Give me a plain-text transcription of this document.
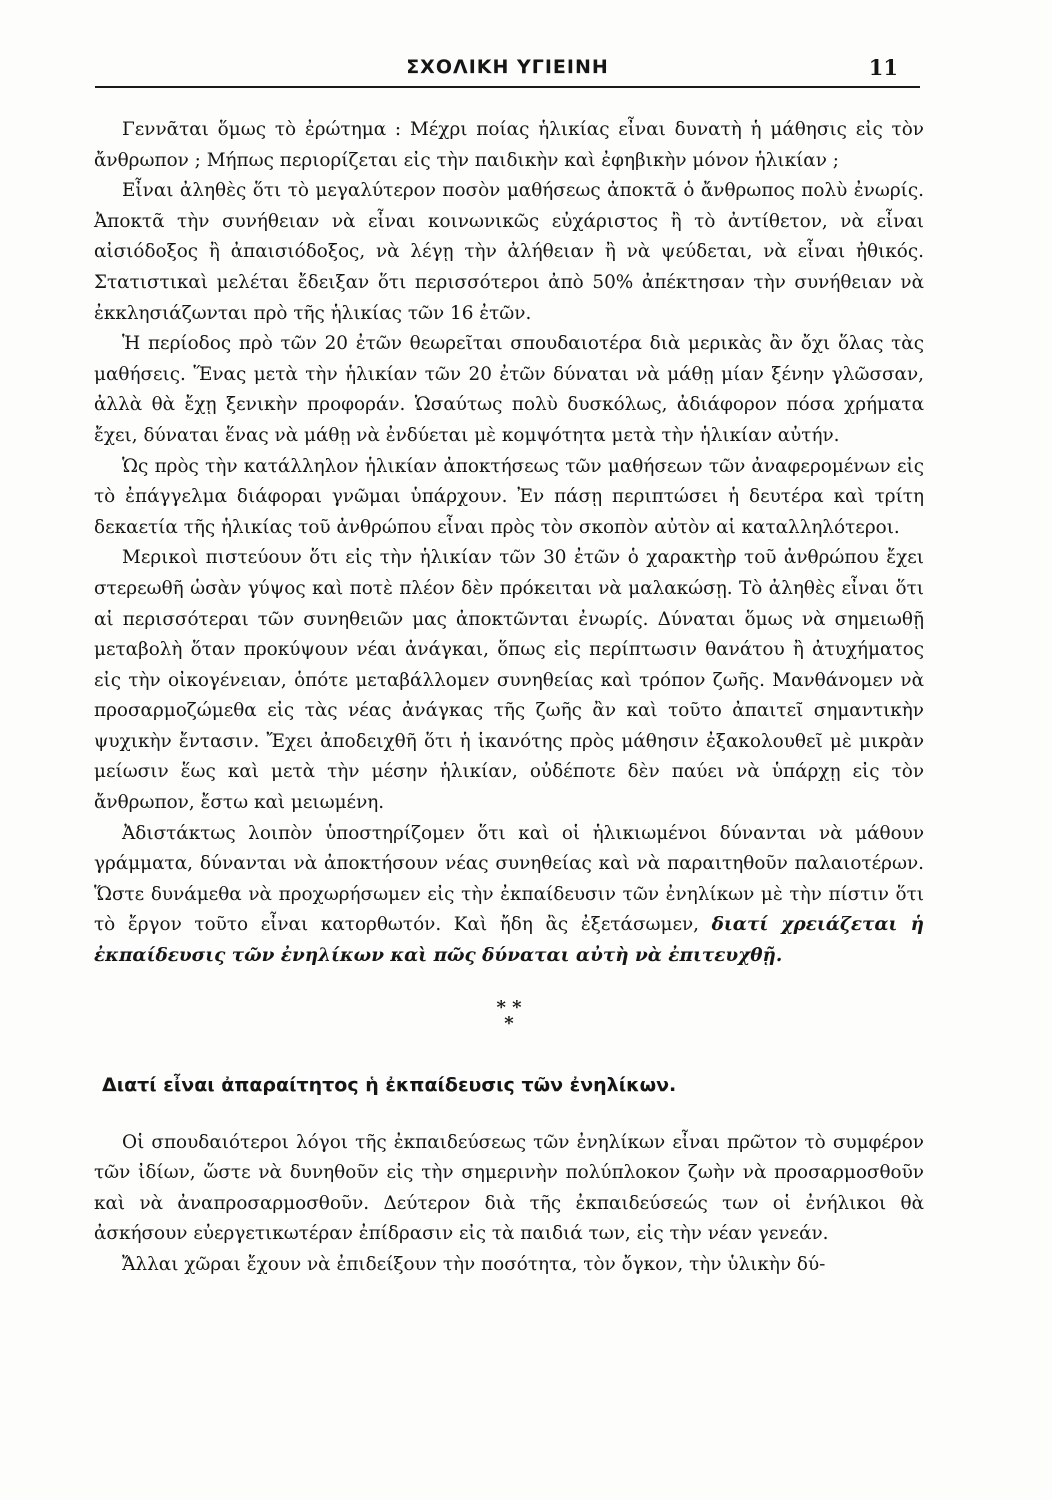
ΣΧΟΛΙΚΗ ΥΓΙΕΙΝΗ	11

Γεννᾶται ὅμως τὸ ἐρώτημα : Μέχρι ποίας ἡλικίας εἶναι δυνατὴ ἡ μάθησις εἰς τὸν ἄνθρωπον ; Μήπως περιορίζεται εἰς τὴν παιδικὴν καὶ ἐφηβικὴν μόνον ἡλικίαν ;

Εἶναι ἀληθὲς ὅτι τὸ μεγαλύτερον ποσὸν μαθήσεως ἀποκτᾶ ὁ ἄνθρωπος πολὺ ἐνωρίς. Ἀποκτᾶ τὴν συνήθειαν νὰ εἶναι κοινωνικῶς εὐχάριστος ἢ τὸ ἀντίθετον, νὰ εἶναι αἰσιόδοξος ἢ ἀπαισιόδοξος, νὰ λέγῃ τὴν ἀλήθειαν ἢ νὰ ψεύδεται, νὰ εἶναι ἠθικός. Στατιστικαὶ μελέται ἔδειξαν ὅτι περισσότεροι ἀπὸ 50% ἀπέκτησαν τὴν συνήθειαν νὰ ἐκκλησιάζωνται πρὸ τῆς ἡλικίας τῶν 16 ἐτῶν.

Ἡ περίοδος πρὸ τῶν 20 ἐτῶν θεωρεῖται σπουδαιοτέρα διὰ μερικὰς ἂν ὄχι ὅλας τὰς μαθήσεις. Ἕνας μετὰ τὴν ἡλικίαν τῶν 20 ἐτῶν δύναται νὰ μάθῃ μίαν ξένην γλῶσσαν, ἀλλὰ θὰ ἔχῃ ξενικὴν προφοράν. Ὡσαύτως πολὺ δυσκόλως, ἀδιάφορον πόσα χρήματα ἔχει, δύναται ἕνας νὰ μάθῃ νὰ ἐνδύεται μὲ κομψότητα μετὰ τὴν ἡλικίαν αὐτήν.

Ὡς πρὸς τὴν κατάλληλον ἡλικίαν ἀποκτήσεως τῶν μαθήσεων τῶν ἀναφερομένων εἰς τὸ ἐπάγγελμα διάφοραι γνῶμαι ὑπάρχουν. Ἐν πάσῃ περιπτώσει ἡ δευτέρα καὶ τρίτη δεκαετία τῆς ἡλικίας τοῦ ἀνθρώπου εἶναι πρὸς τὸν σκοπὸν αὐτὸν αἱ καταλληλότεροι.

Μερικοὶ πιστεύουν ὅτι εἰς τὴν ἡλικίαν τῶν 30 ἐτῶν ὁ χαρακτὴρ τοῦ ἀνθρώπου ἔχει στερεωθῆ ὡσὰν γύψος καὶ ποτὲ πλέον δὲν πρόκειται νὰ μαλακώσῃ. Τὸ ἀληθὲς εἶναι ὅτι αἱ περισσότεραι τῶν συνηθειῶν μας ἀποκτῶνται ἐνωρίς. Δύναται ὅμως νὰ σημειωθῇ μεταβολὴ ὅταν προκύψουν νέαι ἀνάγκαι, ὅπως εἰς περίπτωσιν θανάτου ἢ ἀτυχήματος εἰς τὴν οἰκογένειαν, ὁπότε μεταβάλλομεν συνηθείας καὶ τρόπον ζωῆς. Μανθάνομεν νὰ προσαρμοζώμεθα εἰς τὰς νέας ἀνάγκας τῆς ζωῆς ἂν καὶ τοῦτο ἀπαιτεῖ σημαντικὴν ψυχικὴν ἔντασιν. Ἔχει ἀποδειχθῆ ὅτι ἡ ἱκανότης πρὸς μάθησιν ἐξακολουθεῖ μὲ μικρὰν μείωσιν ἕως καὶ μετὰ τὴν μέσην ἡλικίαν, οὐδέποτε δὲν παύει νὰ ὑπάρχῃ εἰς τὸν ἄνθρωπον, ἔστω καὶ μειωμένη.

Ἀδιστάκτως λοιπὸν ὑποστηρίζομεν ὅτι καὶ οἱ ἡλικιωμένοι δύνανται νὰ μάθουν γράμματα, δύνανται νὰ ἀποκτήσουν νέας συνηθείας καὶ νὰ παραιτηθοῦν παλαιοτέρων. Ὥστε δυνάμεθα νὰ προχωρήσωμεν εἰς τὴν ἐκπαίδευσιν τῶν ἐνηλίκων μὲ τὴν πίστιν ὅτι τὸ ἔργον τοῦτο εἶναι κατορθωτόν. Καὶ ἤδη ἂς ἐξετάσωμεν, διατί χρειάζεται ἡ ἐκπαίδευσις τῶν ἐνηλίκων καὶ πῶς δύναται αὐτὴ νὰ ἐπιτευχθῇ.

* *
*
Διατί εἶναι ἀπαραίτητος ἡ ἐκπαίδευσις τῶν ἐνηλίκων.

Οἱ σπουδαιότεροι λόγοι τῆς ἐκπαιδεύσεως τῶν ἐνηλίκων εἶναι πρῶτον τὸ συμφέρον τῶν ἰδίων, ὥστε νὰ δυνηθοῦν εἰς τὴν σημερινὴν πολύπλοκον ζωὴν νὰ προσαρμοσθοῦν καὶ νὰ ἀναπροσαρμοσθοῦν. Δεύτερον διὰ τῆς ἐκπαιδεύσεώς των οἱ ἐνήλικοι θὰ ἀσκήσουν εὐεργετικωτέραν ἐπίδρασιν εἰς τὰ παιδιά των, εἰς τὴν νέαν γενεάν.

Ἄλλαι χῶραι ἔχουν νὰ ἐπιδείξουν τὴν ποσότητα, τὸν ὄγκον, τὴν ὑλικὴν δύ-
